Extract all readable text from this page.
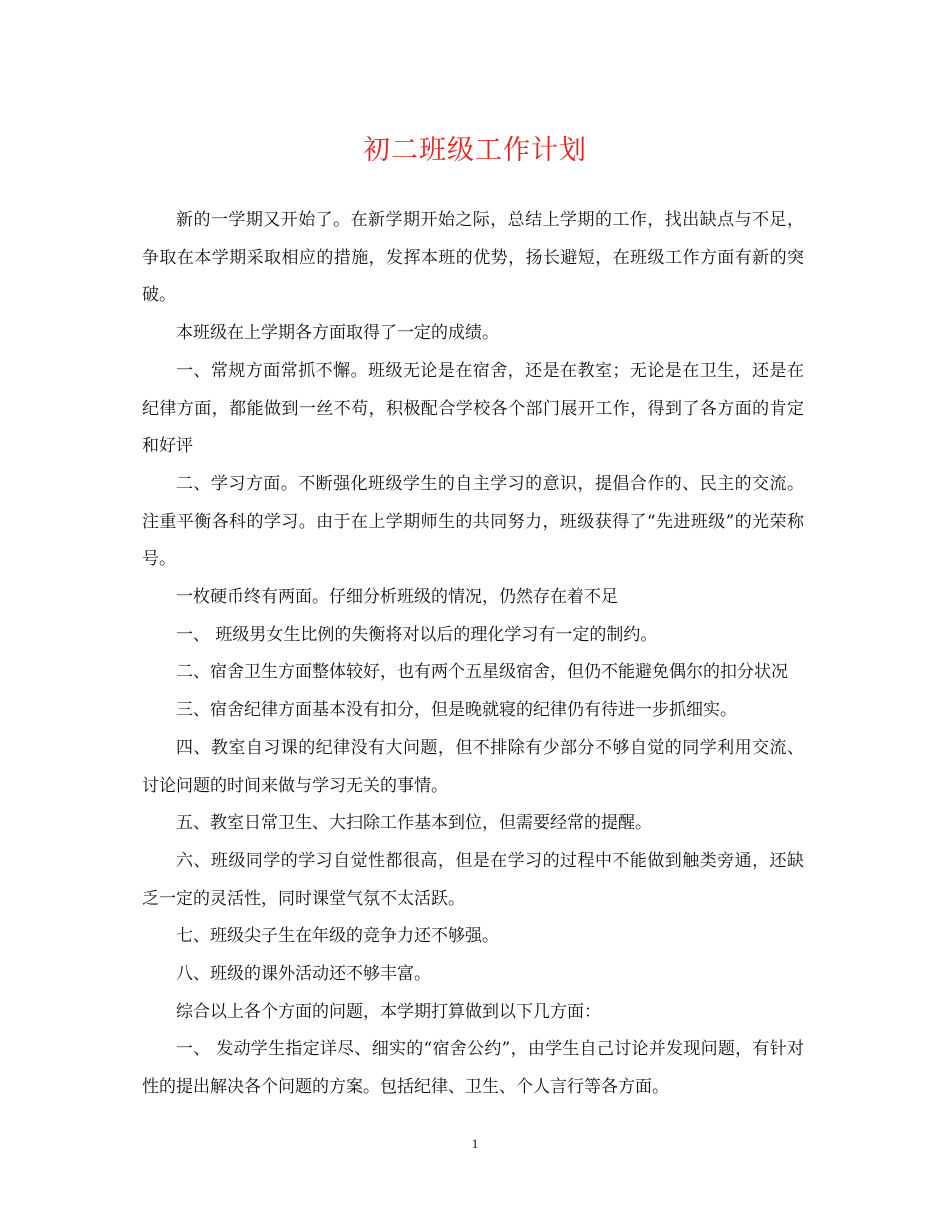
初二班级工作计划

新的一学期又开始了。在新学期开始之际，总结上学期的工作，找出缺点与不足，争取在本学期采取相应的措施，发挥本班的优势，扬长避短，在班级工作方面有新的突破。

本班级在上学期各方面取得了一定的成绩。

一、常规方面常抓不懈。班级无论是在宿舍，还是在教室；无论是在卫生，还是在纪律方面，都能做到一丝不苟，积极配合学校各个部门展开工作，得到了各方面的肯定和好评

二、学习方面。不断强化班级学生的自主学习的意识，提倡合作的、民主的交流。注重平衡各科的学习。由于在上学期师生的共同努力，班级获得了“先进班级”的光荣称号。

一枚硬币终有两面。仔细分析班级的情况，仍然存在着不足

一、 班级男女生比例的失衡将对以后的理化学习有一定的制约。

二、宿舍卫生方面整体较好，也有两个五星级宿舍，但仍不能避免偶尔的扣分状况

三、宿舍纪律方面基本没有扣分，但是晚就寝的纪律仍有待进一步抓细实。

四、教室自习课的纪律没有大问题，但不排除有少部分不够自觉的同学利用交流、讨论问题的时间来做与学习无关的事情。

五、教室日常卫生、大扫除工作基本到位，但需要经常的提醒。

六、班级同学的学习自觉性都很高，但是在学习的过程中不能做到触类旁通，还缺乏一定的灵活性，同时课堂气氛不太活跃。

七、班级尖子生在年级的竞争力还不够强。

八、班级的课外活动还不够丰富。

综合以上各个方面的问题，本学期打算做到以下几方面：

一、 发动学生指定详尽、细实的“宿舍公约”，由学生自己讨论并发现问题，有针对性的提出解决各个问题的方案。包括纪律、卫生、个人言行等各方面。

1
